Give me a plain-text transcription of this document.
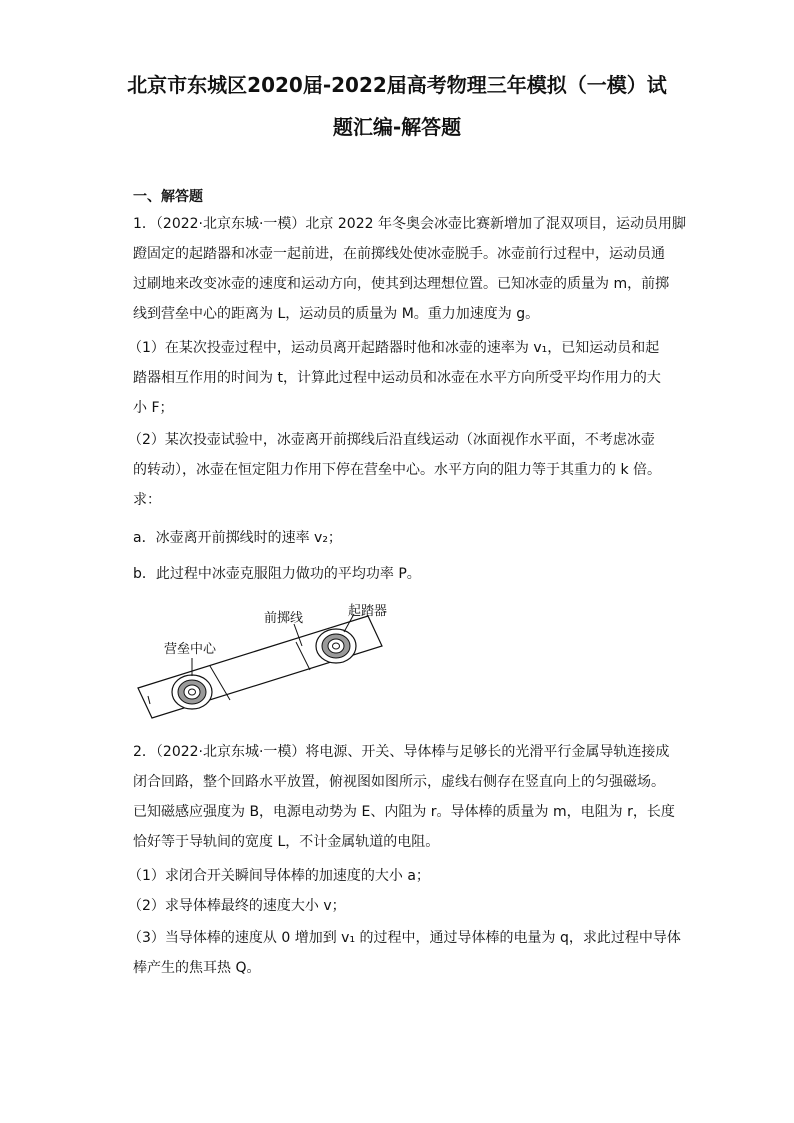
北京市东城区2020届-2022届高考物理三年模拟（一模）试
题汇编-解答题
一、解答题
1．（2022·北京东城·一模）北京 2022 年冬奥会冰壶比赛新增加了混双项目，运动员用脚
蹬固定的起踏器和冰壶一起前进，在前掷线处使冰壶脱手。冰壶前行过程中，运动员通
过刷地来改变冰壶的速度和运动方向，使其到达理想位置。已知冰壶的质量为 m，前掷
线到营垒中心的距离为 L，运动员的质量为 M。重力加速度为 g。
（1）在某次投壶过程中，运动员离开起踏器时他和冰壶的速率为 v₁，已知运动员和起
踏器相互作用的时间为 t，计算此过程中运动员和冰壶在水平方向所受平均作用力的大
小 F；
（2）某次投壶试验中，冰壶离开前掷线后沿直线运动（冰面视作水平面，不考虑冰壶
的转动），冰壶在恒定阻力作用下停在营垒中心。水平方向的阻力等于其重力的 k 倍。
求：
a．冰壶离开前掷线时的速率 v₂；
b．此过程中冰壶克服阻力做功的平均功率 P。
营垒中心
前掷线	起踏器
2．（2022·北京东城·一模）将电源、开关、导体棒与足够长的光滑平行金属导轨连接成
闭合回路，整个回路水平放置，俯视图如图所示，虚线右侧存在竖直向上的匀强磁场。
已知磁感应强度为 B，电源电动势为 E、内阻为 r。导体棒的质量为 m，电阻为 r，长度
恰好等于导轨间的宽度 L，不计金属轨道的电阻。
（1）求闭合开关瞬间导体棒的加速度的大小 a；
（2）求导体棒最终的速度大小 v；
（3）当导体棒的速度从 0 增加到 v₁ 的过程中，通过导体棒的电量为 q，求此过程中导体
棒产生的焦耳热 Q。
